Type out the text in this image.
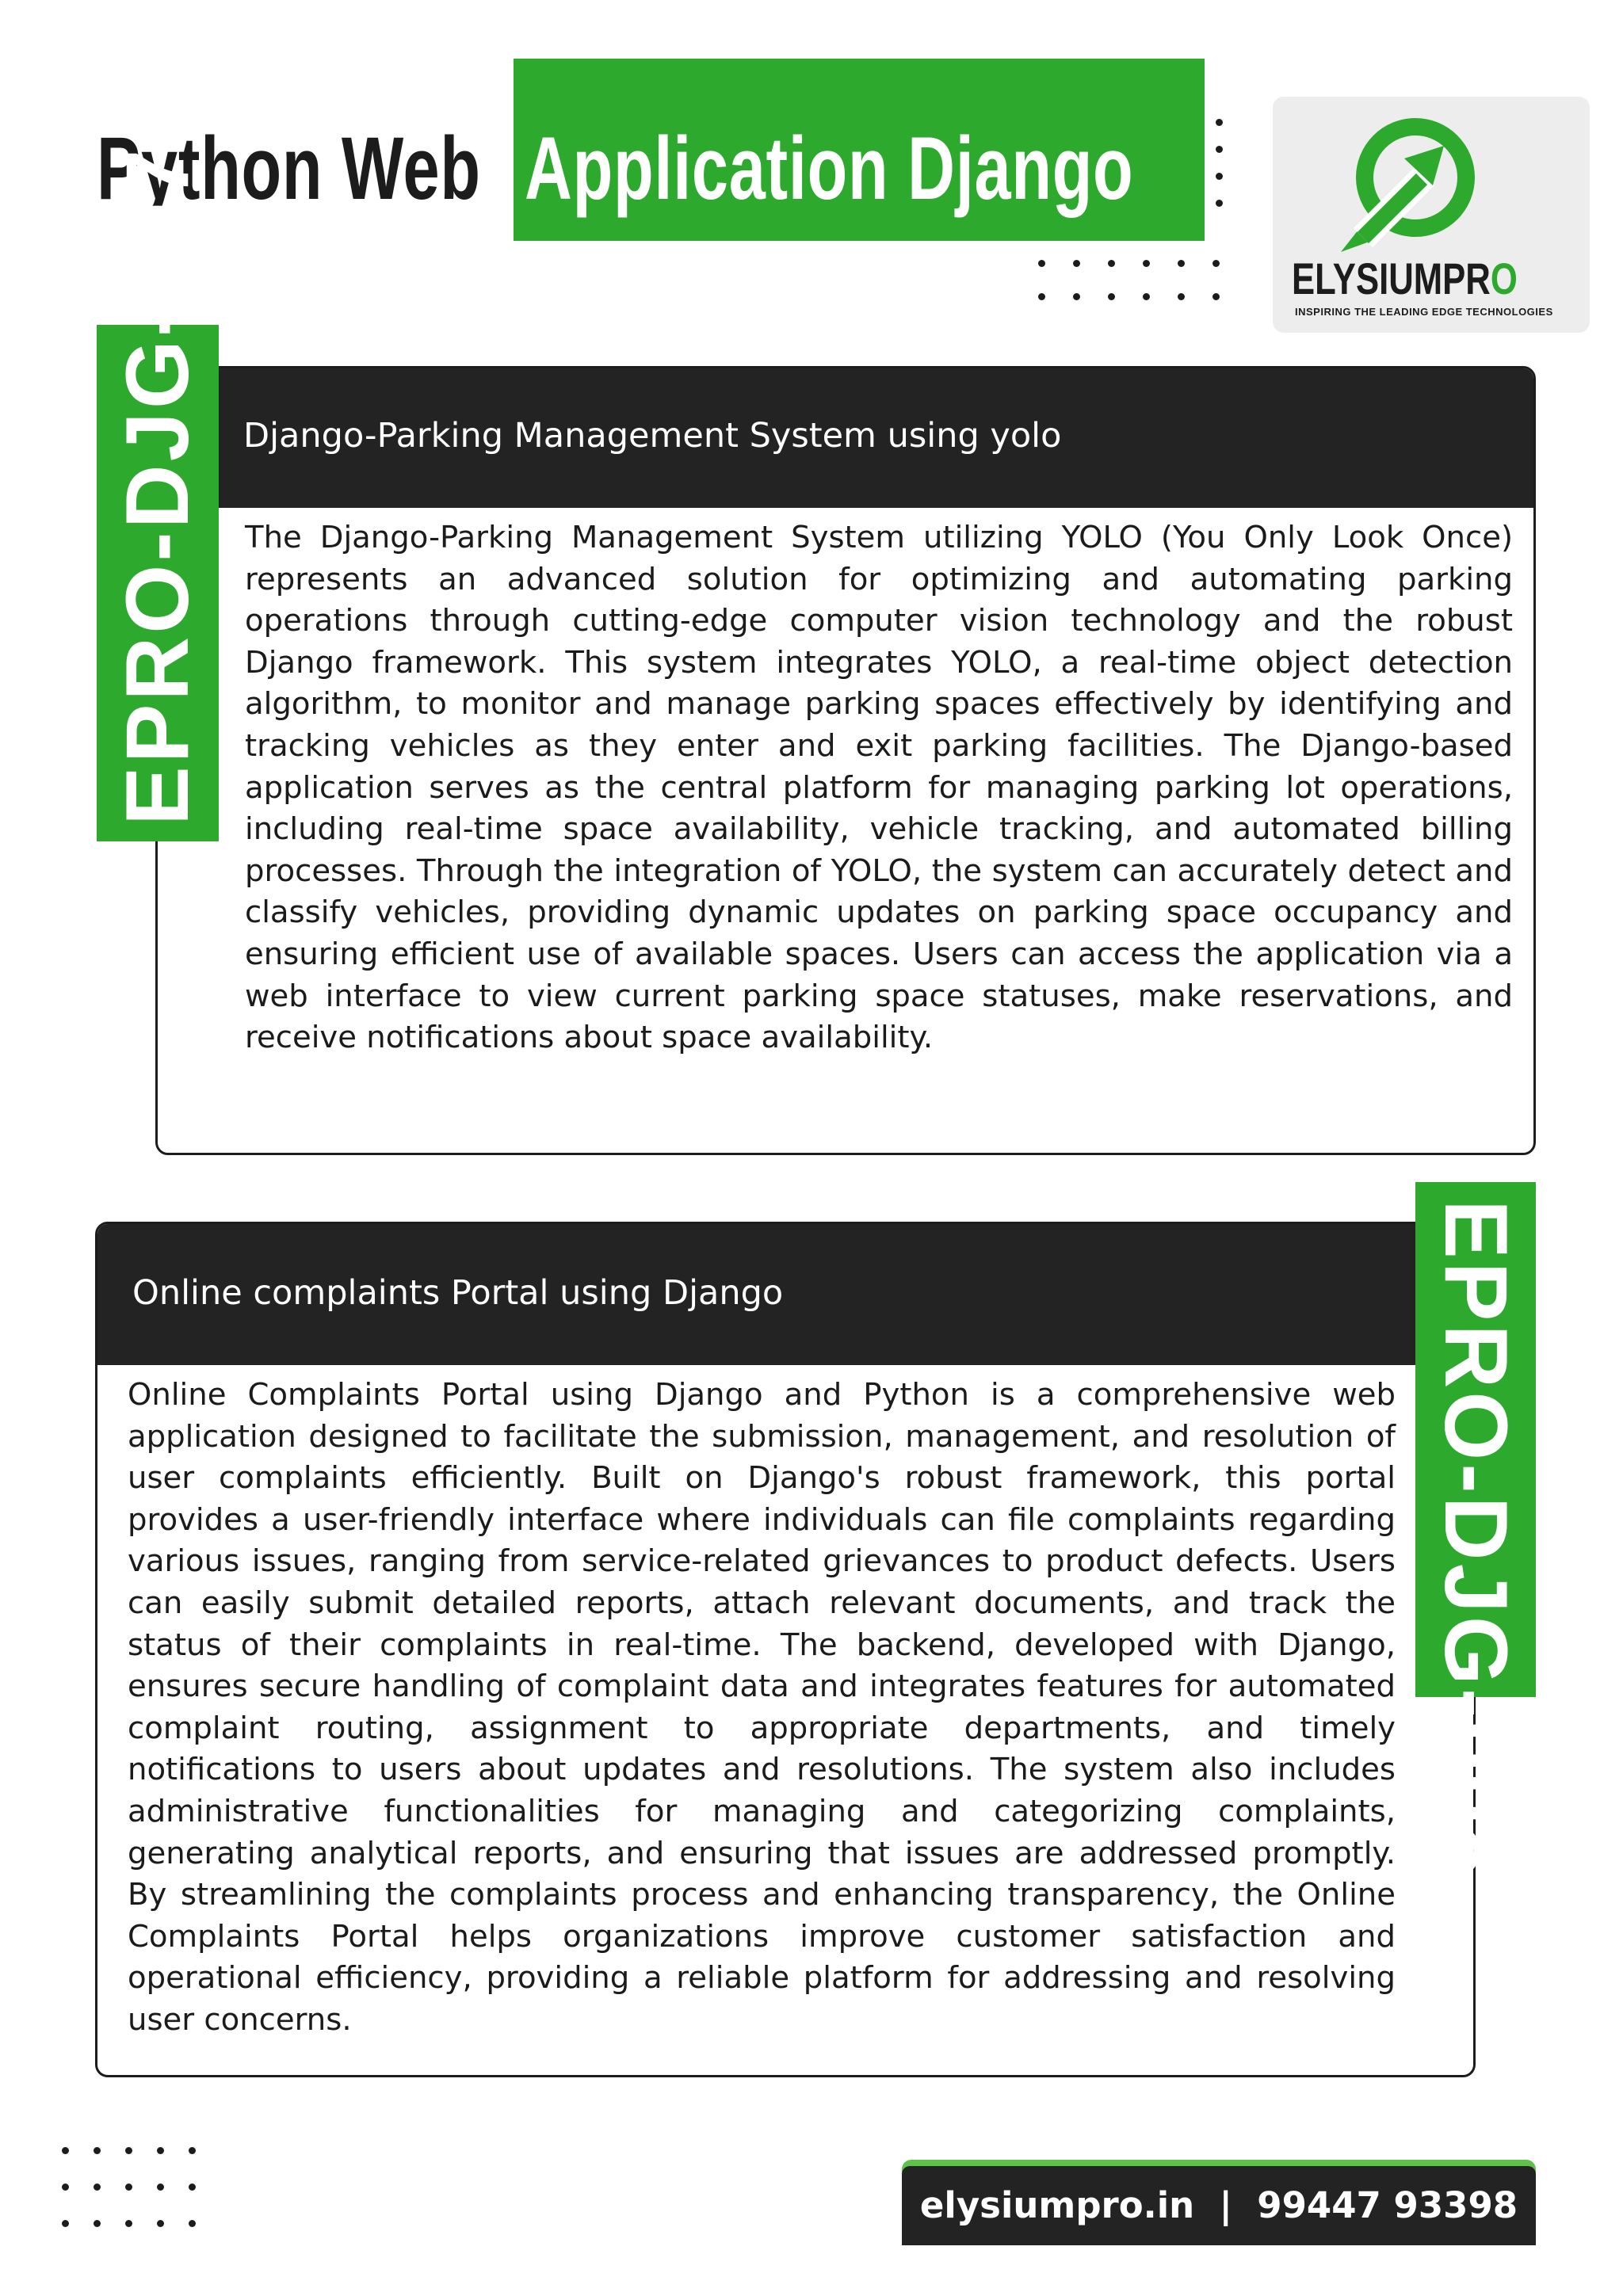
Python Web Application Django
ELYSIUMPRO
INSPIRING THE LEADING EDGE TECHNOLOGIES
Django-Parking Management System using yolo
The Django-Parking Management System utilizing YOLO (You Only Look Once) represents an advanced solution for optimizing and automating parking operations through cutting-edge computer vision technology and the robust Django framework. This system integrates YOLO, a real-time object detection algorithm, to monitor and manage parking spaces effectively by identifying and tracking vehicles as they enter and exit parking facilities. The Django-based application serves as the central platform for managing parking lot operations, including real-time space availability, vehicle tracking, and automated billing processes. Through the integration of YOLO, the system can accurately detect and classify vehicles, providing dynamic updates on parking space occupancy and ensuring efficient use of available spaces. Users can access the application via a web interface to view current parking space statuses, make reservations, and receive notifications about space availability.
EPRO-DJG-007
Online complaints Portal using Django
Online Complaints Portal using Django and Python is a comprehensive web application designed to facilitate the submission, management, and resolution of user complaints efficiently. Built on Django's robust framework, this portal provides a user-friendly interface where individuals can file complaints regarding various issues, ranging from service-related grievances to product defects. Users can easily submit detailed reports, attach relevant documents, and track the status of their complaints in real-time. The backend, developed with Django, ensures secure handling of complaint data and integrates features for automated complaint routing, assignment to appropriate departments, and timely notifications to users about updates and resolutions. The system also includes administrative functionalities for managing and categorizing complaints, generating analytical reports, and ensuring that issues are addressed promptly. By streamlining the complaints process and enhancing transparency, the Online Complaints Portal helps organizations improve customer satisfaction and operational efficiency, providing a reliable platform for addressing and resolving user concerns.
EPRO-DJG-008
elysiumpro.in  |  99447 93398
